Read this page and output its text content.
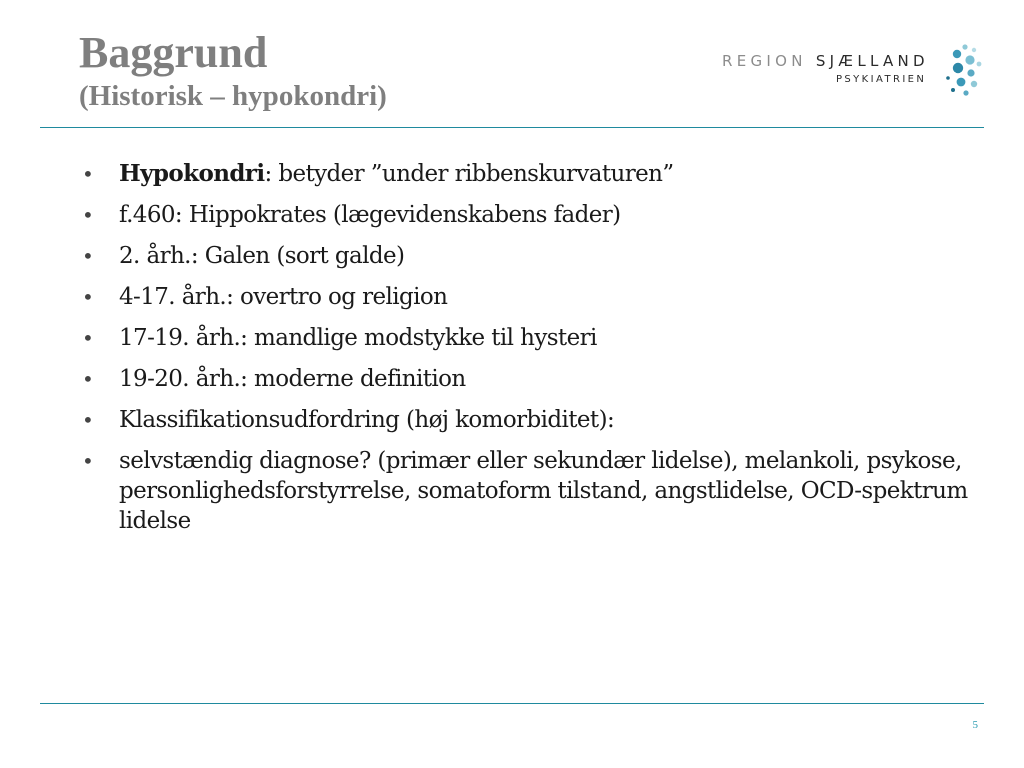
Baggrund
(Historisk – hypokondri)
REGION SJÆLLAND
PSYKIATRIEN
•	Hypokondri: betyder ”under ribbenskurvaturen”
•	f.460: Hippokrates (lægevidenskabens fader)
•	2. årh.: Galen (sort galde)
•	4-17. årh.: overtro og religion
•	17-19. årh.: mandlige modstykke til hysteri
•	19-20. årh.: moderne definition
•	Klassifikationsudfordring (høj komorbiditet):
•	selvstændig diagnose? (primær eller sekundær lidelse), melankoli, psykose, personlighedsforstyrrelse, somatoform tilstand, angstlidelse, OCD-spektrum lidelse
5
